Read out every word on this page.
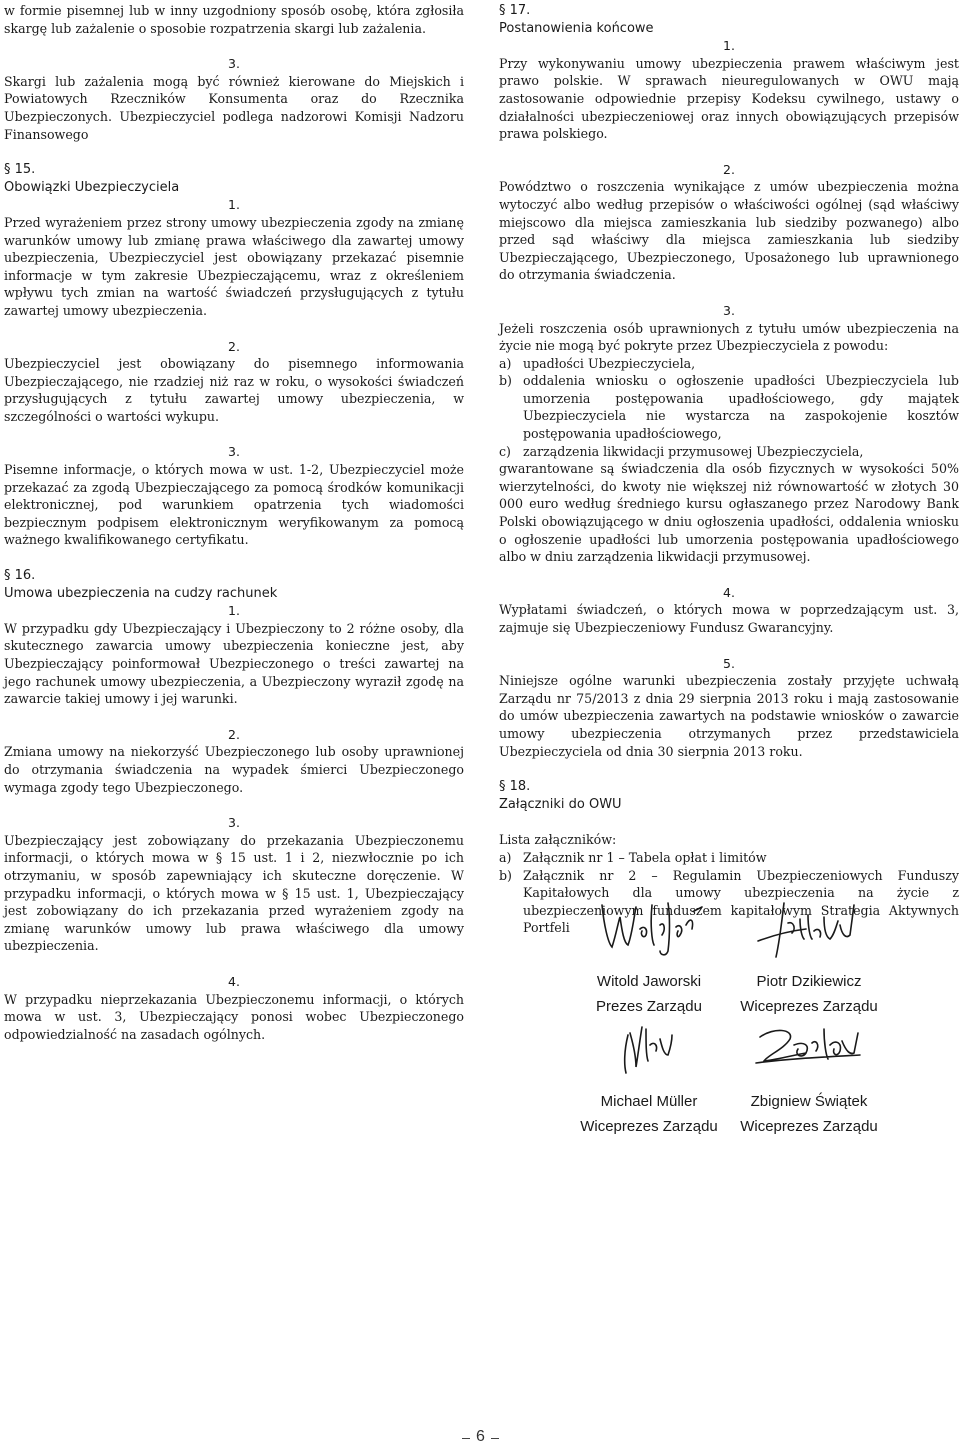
w formie pisemnej lub w inny uzgodniony sposób osobę, która zgłosiła skargę lub zażalenie o sposobie rozpatrzenia skargi lub zażalenia.

3.

Skargi lub zażalenia mogą być również kierowane do Miejskich i Powiatowych Rzeczników Konsumenta oraz do Rzecznika Ubezpieczonych. Ubezpieczyciel podlega nadzorowi Komisji Nadzoru Finansowego

§ 15.

Obowiązki Ubezpieczyciela

1.

Przed wyrażeniem przez strony umowy ubezpieczenia zgody na zmianę warunków umowy lub zmianę prawa właściwego dla zawartej umowy ubezpieczenia, Ubezpieczyciel jest obowiązany przekazać pisemnie informacje w tym zakresie Ubezpieczającemu, wraz z określeniem wpływu tych zmian na wartość świadczeń przysługujących z tytułu zawartej umowy ubezpieczenia.

2.

Ubezpieczyciel jest obowiązany do pisemnego informowania Ubezpieczającego, nie rzadziej niż raz w roku, o wysokości świadczeń przysługujących z tytułu zawartej umowy ubezpieczenia, w szczególności o wartości wykupu.

3.

Pisemne informacje, o których mowa w ust. 1-2, Ubezpieczyciel może przekazać za zgodą Ubezpieczającego za pomocą środków komunikacji elektronicznej, pod warunkiem opatrzenia tych wiadomości bezpiecznym podpisem elektronicznym weryfikowanym za pomocą ważnego kwalifikowanego certyfikatu.

§ 16.

Umowa ubezpieczenia na cudzy rachunek

1.

W przypadku gdy Ubezpieczający i Ubezpieczony to 2 różne osoby, dla skutecznego zawarcia umowy ubezpieczenia konieczne jest, aby Ubezpieczający poinformował Ubezpieczonego o treści zawartej na jego rachunek umowy ubezpieczenia, a Ubezpieczony wyraził zgodę na zawarcie takiej umowy i jej warunki.

2.

Zmiana umowy na niekorzyść Ubezpieczonego lub osoby uprawnionej do otrzymania świadczenia na wypadek śmierci Ubezpieczonego wymaga zgody tego Ubezpieczonego.

3.

Ubezpieczający jest zobowiązany do przekazania Ubezpieczonemu informacji, o których mowa w § 15 ust. 1 i 2, niezwłocznie po ich otrzymaniu, w sposób zapewniający ich skuteczne doręczenie. W przypadku informacji, o których mowa w § 15 ust. 1, Ubezpieczający jest zobowiązany do ich przekazania przed wyrażeniem zgody na zmianę warunków umowy lub prawa właściwego dla umowy ubezpieczenia.

4.

W przypadku nieprzekazania Ubezpieczonemu informacji, o których mowa w ust. 3, Ubezpieczający ponosi wobec Ubezpieczonego odpowiedzialność na zasadach ogólnych.

§ 17.

Postanowienia końcowe

1.

Przy wykonywaniu umowy ubezpieczenia prawem właściwym jest prawo polskie. W sprawach nieuregulowanych w OWU mają zastosowanie odpowiednie przepisy Kodeksu cywilnego, ustawy o działalności ubezpieczeniowej oraz innych obowiązujących przepisów prawa polskiego.

2.

Powództwo o roszczenia wynikające z umów ubezpieczenia można wytoczyć albo według przepisów o właściwości ogólnej (sąd właściwy miejscowo dla miejsca zamieszkania lub siedziby pozwanego) albo przed sąd właściwy dla miejsca zamieszkania lub siedziby Ubezpieczającego, Ubezpieczonego, Uposażonego lub uprawnionego do otrzymania świadczenia.

3.

Jeżeli roszczenia osób uprawnionych z tytułu umów ubezpieczenia na życie nie mogą być pokryte przez Ubezpieczyciela z powodu:

a) upadłości Ubezpieczyciela,
b) oddalenia wniosku o ogłoszenie upadłości Ubezpieczyciela lub umorzenia postępowania upadłościowego, gdy majątek Ubezpieczyciela nie wystarcza na zaspokojenie kosztów postępowania upadłościowego,
c) zarządzenia likwidacji przymusowej Ubezpieczyciela,

gwarantowane są świadczenia dla osób fizycznych w wysokości 50% wierzytelności, do kwoty nie większej niż równowartość w złotych 30 000 euro według średniego kursu ogłaszanego przez Narodowy Bank Polski obowiązującego w dniu ogłoszenia upadłości, oddalenia wniosku o ogłoszenie upadłości lub umorzenia postępowania upadłościowego albo w dniu zarządzenia likwidacji przymusowej.

4.

Wypłatami świadczeń, o których mowa w poprzedzającym ust. 3, zajmuje się Ubezpieczeniowy Fundusz Gwarancyjny.

5.

Niniejsze ogólne warunki ubezpieczenia zostały przyjęte uchwałą Zarządu nr 75/2013 z dnia 29 sierpnia 2013 roku i mają zastosowanie do umów ubezpieczenia zawartych na podstawie wniosków o zawarcie umowy ubezpieczenia otrzymanych przez przedstawiciela Ubezpieczyciela od dnia 30 sierpnia 2013 roku.

§ 18.

Załączniki do OWU

Lista załączników:

a) Załącznik nr 1 – Tabela opłat i limitów
b) Załącznik nr 2 – Regulamin Ubezpieczeniowych Funduszy Kapitałowych dla umowy ubezpieczenia na życie z ubezpieczeniowym funduszem kapitałowym Strategia Aktywnych Portfeli
Witold Jaworski
Prezes Zarządu
Piotr Dzikiewicz
Wiceprezes Zarządu
Michael Müller
Wiceprezes Zarządu
Zbigniew Świątek
Wiceprezes Zarządu
6
